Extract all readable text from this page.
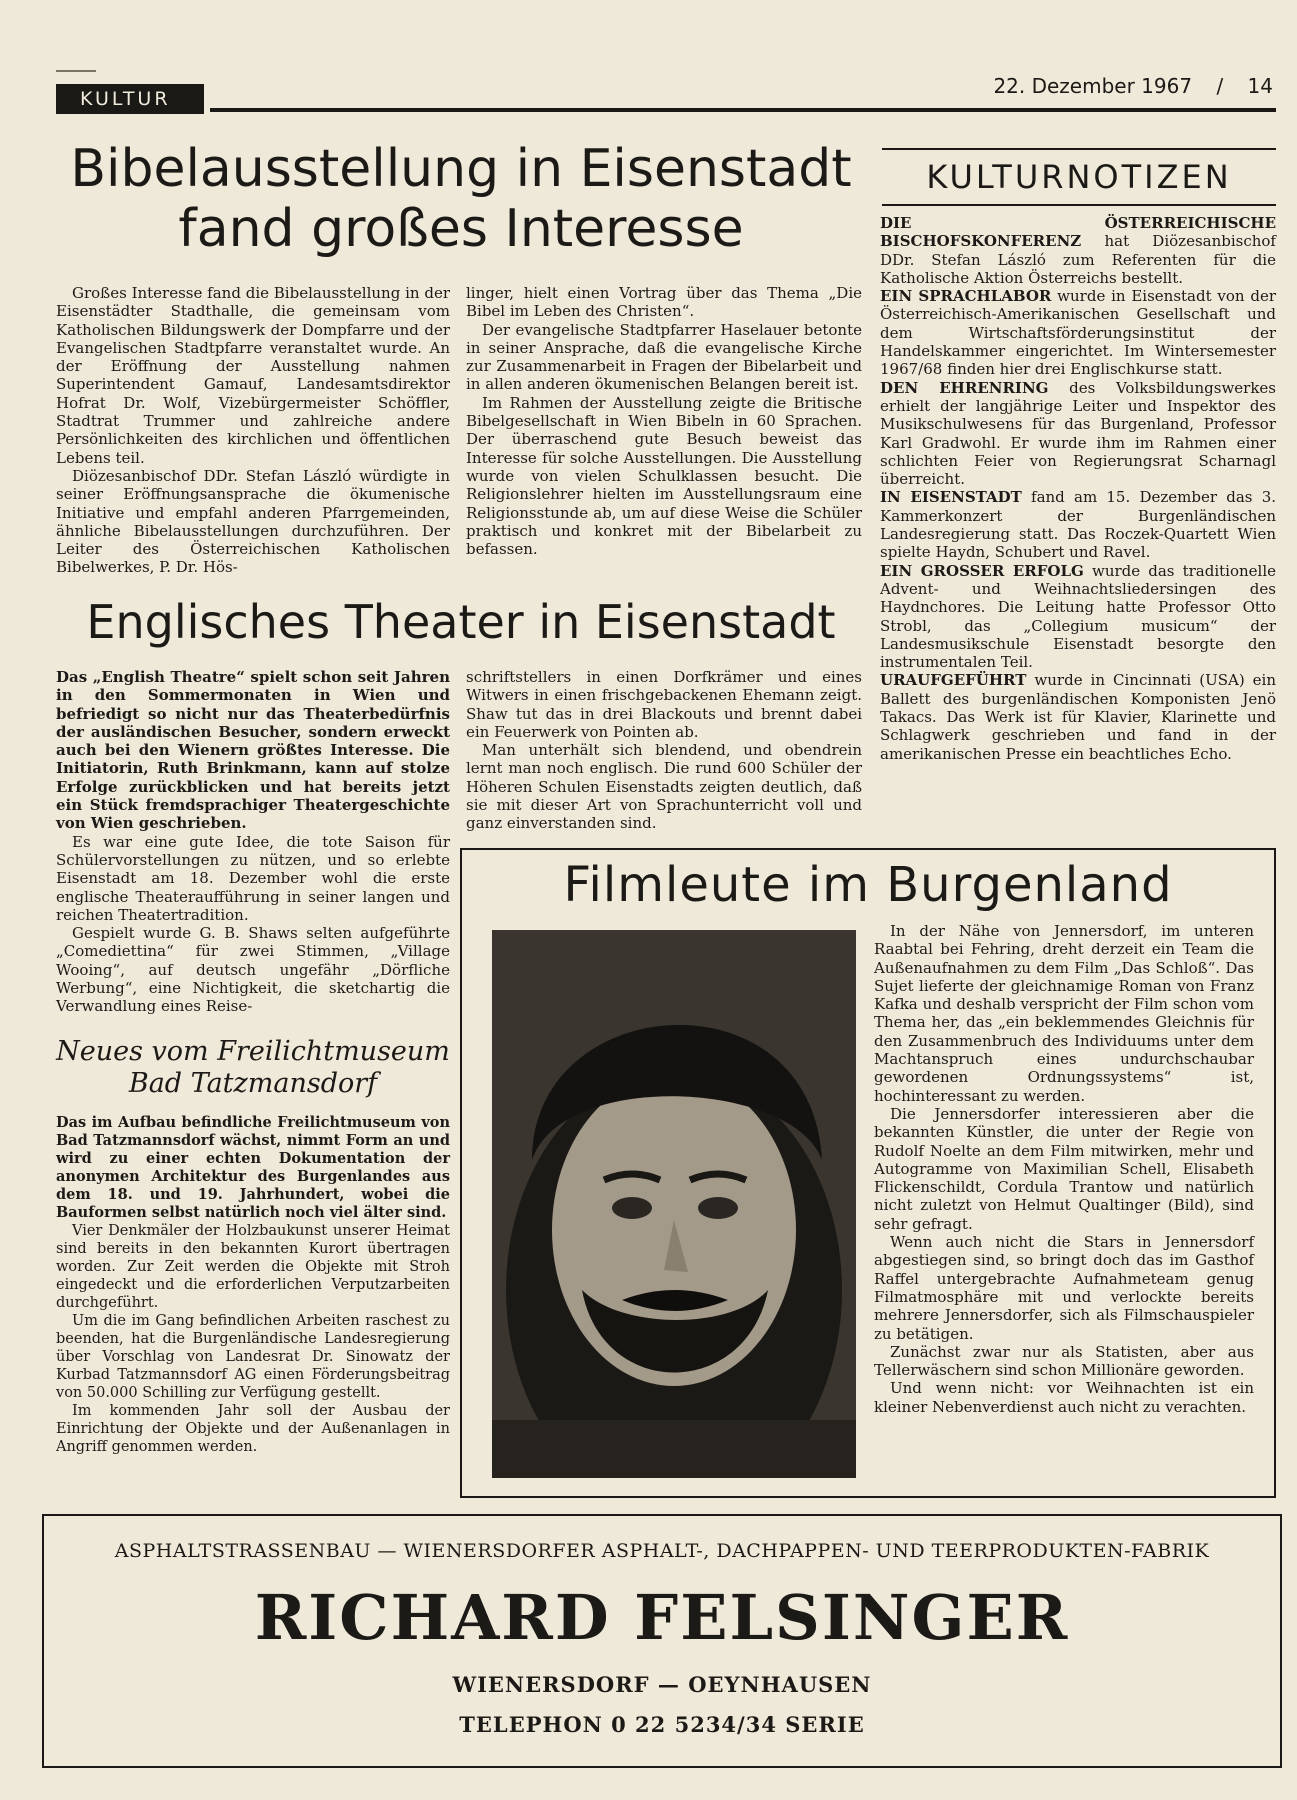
KULTUR
22. Dezember 1967 / 14
Bibelausstellung in Eisenstadt
fand großes Interesse

Großes Interesse fand die Bibelausstellung in der Eisenstädter Stadthalle, die gemeinsam vom Katholischen Bildungswerk der Dompfarre und der Evangelischen Stadtpfarre veranstaltet wurde. An der Eröffnung der Ausstellung nahmen Superintendent Gamauf, Landesamtsdirektor Hofrat Dr. Wolf, Vizebürgermeister Schöffler, Stadtrat Trummer und zahlreiche andere Persönlichkeiten des kirchlichen und öffentlichen Lebens teil.

Diözesanbischof DDr. Stefan László würdigte in seiner Eröffnungsansprache die ökumenische Initiative und empfahl anderen Pfarrgemeinden, ähnliche Bibelausstellungen durchzuführen. Der Leiter des Österreichischen Katholischen Bibelwerkes, P. Dr. Hös-

linger, hielt einen Vortrag über das Thema „Die Bibel im Leben des Christen“.

Der evangelische Stadtpfarrer Haselauer betonte in seiner Ansprache, daß die evangelische Kirche zur Zusammenarbeit in Fragen der Bibelarbeit und in allen anderen ökumenischen Belangen bereit ist.

Im Rahmen der Ausstellung zeigte die Britische Bibelgesellschaft in Wien Bibeln in 60 Sprachen. Der überraschend gute Besuch beweist das Interesse für solche Ausstellungen. Die Ausstellung wurde von vielen Schulklassen besucht. Die Religionslehrer hielten im Ausstellungsraum eine Religionsstunde ab, um auf diese Weise die Schüler praktisch und konkret mit der Bibelarbeit zu befassen.

KULTURNOTIZEN

DIE ÖSTERREICHISCHE BISCHOFSKONFERENZ hat Diözesanbischof DDr. Stefan László zum Referenten für die Katholische Aktion Österreichs bestellt.

EIN SPRACHLABOR wurde in Eisenstadt von der Österreichisch-Amerikanischen Gesellschaft und dem Wirtschaftsförderungsinstitut der Handelskammer eingerichtet. Im Wintersemester 1967/68 finden hier drei Englischkurse statt.

DEN EHRENRING des Volksbildungswerkes erhielt der langjährige Leiter und Inspektor des Musikschulwesens für das Burgenland, Professor Karl Gradwohl. Er wurde ihm im Rahmen einer schlichten Feier von Regierungsrat Scharnagl überreicht.

IN EISENSTADT fand am 15. Dezember das 3. Kammerkonzert der Burgenländischen Landesregierung statt. Das Roczek-Quartett Wien spielte Haydn, Schubert und Ravel.

EIN GROSSER ERFOLG wurde das traditionelle Advent- und Weihnachtsliedersingen des Haydnchores. Die Leitung hatte Professor Otto Strobl, das „Collegium musicum“ der Landesmusikschule Eisenstadt besorgte den instrumentalen Teil.

URAUFGEFÜHRT wurde in Cincinnati (USA) ein Ballett des burgenländischen Komponisten Jenö Takacs. Das Werk ist für Klavier, Klarinette und Schlagwerk geschrieben und fand in der amerikanischen Presse ein beachtliches Echo.

Englisches Theater in Eisenstadt

Das „English Theatre“ spielt schon seit Jahren in den Sommermonaten in Wien und befriedigt so nicht nur das Theaterbedürfnis der ausländischen Besucher, sondern erweckt auch bei den Wienern größtes Interesse. Die Initiatorin, Ruth Brinkmann, kann auf stolze Erfolge zurückblicken und hat bereits jetzt ein Stück fremdsprachiger Theatergeschichte von Wien geschrieben.

Es war eine gute Idee, die tote Saison für Schülervorstellungen zu nützen, und so erlebte Eisenstadt am 18. Dezember wohl die erste englische Theateraufführung in seiner langen und reichen Theatertradition.

Gespielt wurde G. B. Shaws selten aufgeführte „Comediettina“ für zwei Stimmen, „Village Wooing“, auf deutsch ungefähr „Dörfliche Werbung“, eine Nichtigkeit, die sketchartig die Verwandlung eines Reise-

schriftstellers in einen Dorfkrämer und eines Witwers in einen frischgebackenen Ehemann zeigt. Shaw tut das in drei Blackouts und brennt dabei ein Feuerwerk von Pointen ab.

Man unterhält sich blendend, und obendrein lernt man noch englisch. Die rund 600 Schüler der Höheren Schulen Eisenstadts zeigten deutlich, daß sie mit dieser Art von Sprachunterricht voll und ganz einverstanden sind.

Neues vom Freilichtmuseum
Bad Tatzmansdorf

Das im Aufbau befindliche Freilichtmuseum von Bad Tatzmannsdorf wächst, nimmt Form an und wird zu einer echten Dokumentation der anonymen Architektur des Burgenlandes aus dem 18. und 19. Jahrhundert, wobei die Bauformen selbst natürlich noch viel älter sind.

Vier Denkmäler der Holzbaukunst unserer Heimat sind bereits in den bekannten Kurort übertragen worden. Zur Zeit werden die Objekte mit Stroh eingedeckt und die erforderlichen Verputzarbeiten durchgeführt.

Um die im Gang befindlichen Arbeiten raschest zu beenden, hat die Burgenländische Landesregierung über Vorschlag von Landesrat Dr. Sinowatz der Kurbad Tatzmannsdorf AG einen Förderungsbeitrag von 50.000 Schilling zur Verfügung gestellt.

Im kommenden Jahr soll der Ausbau der Einrichtung der Objekte und der Außenanlagen in Angriff genommen werden.

Filmleute im Burgenland

In der Nähe von Jennersdorf, im unteren Raabtal bei Fehring, dreht derzeit ein Team die Außenaufnahmen zu dem Film „Das Schloß“. Das Sujet lieferte der gleichnamige Roman von Franz Kafka und deshalb verspricht der Film schon vom Thema her, das „ein beklemmendes Gleichnis für den Zusammenbruch des Individuums unter dem Machtanspruch eines undurchschaubar gewordenen Ordnungssystems“ ist, hochinteressant zu werden.

Die Jennersdorfer interessieren aber die bekannten Künstler, die unter der Regie von Rudolf Noelte an dem Film mitwirken, mehr und Autogramme von Maximilian Schell, Elisabeth Flickenschildt, Cordula Trantow und natürlich nicht zuletzt von Helmut Qualtinger (Bild), sind sehr gefragt.

Wenn auch nicht die Stars in Jennersdorf abgestiegen sind, so bringt doch das im Gasthof Raffel untergebrachte Aufnahmeteam genug Filmatmosphäre mit und verlockte bereits mehrere Jennersdorfer, sich als Filmschauspieler zu betätigen.

Zunächst zwar nur als Statisten, aber aus Tellerwäschern sind schon Millionäre geworden.

Und wenn nicht: vor Weihnachten ist ein kleiner Nebenverdienst auch nicht zu verachten.

ASPHALTSTRASSENBAU — WIENERSDORFER ASPHALT-, DACHPAPPEN- UND TEERPRODUKTEN-FABRIK
RICHARD FELSINGER
WIENERSDORF — OEYNHAUSEN
TELEPHON 0 22 5234/34 SERIE
